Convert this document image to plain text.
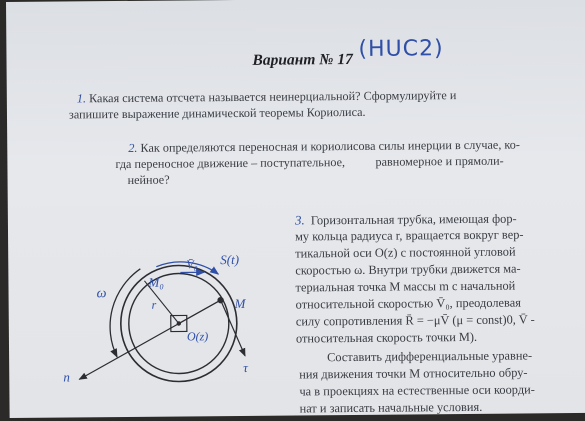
Вариант № 17 (HUC2)
1. Какая система отсчета называется неинерциальной? Сформулируйте и
запишите выражение динамической теоремы Кориолиса.
2. Как определяются переносная и кориолисова силы инерции в случае, ко-
гда переносное движение – поступательное,          равномерное и прямоли-
нейное?
3. Горизонтальная трубка, имеющая фор-
му кольца радиуса r, вращается вокруг вер-
тикальной оси O(z) с постоянной угловой
скоростью ω. Внутри трубки движется ма-
териальная точка M массы m с начальной
относительной скоростью V̄₀, преодолевая
силу сопротивления R̄ = −μV̄ (μ = const)0, V̄ -
относительная скорость точки M).
Составить дифференциальные уравне-
ния движения точки M относительно обру-
ча в проекциях на естественные оси коорди-
нат и записать начальные условия.
ω
S(t)
M₀
V̄₀
M
O(z)
r
n
τ
